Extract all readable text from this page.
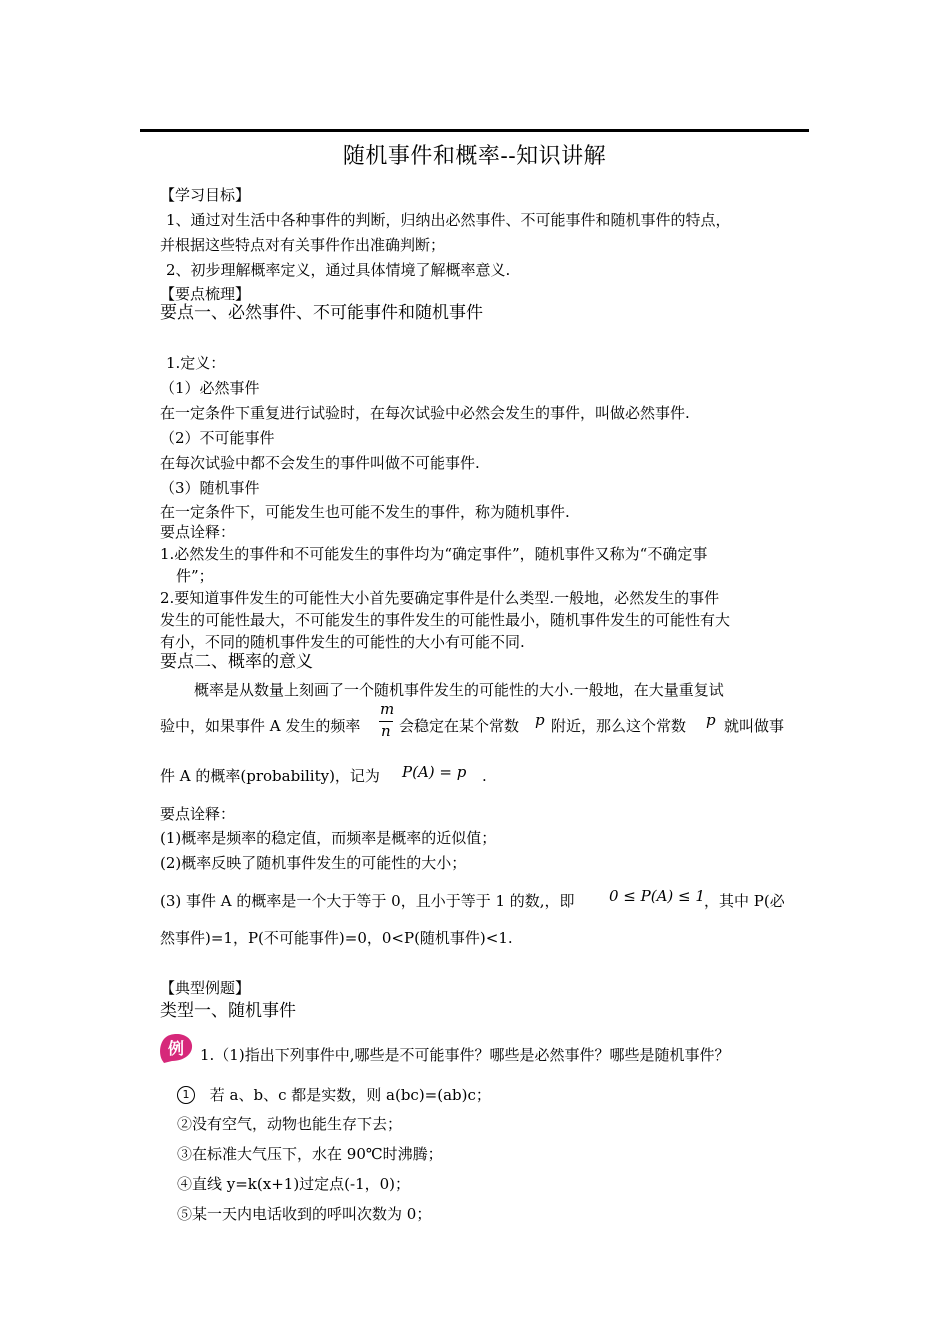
随机事件和概率--知识讲解
【学习目标】
1、通过对生活中各种事件的判断，归纳出必然事件、不可能事件和随机事件的特点，
并根据这些特点对有关事件作出准确判断；
2、初步理解概率定义，通过具体情境了解概率意义.
【要点梳理】
要点一、必然事件、不可能事件和随机事件
1.定义：
（1）必然事件
在一定条件下重复进行试验时，在每次试验中必然会发生的事件，叫做必然事件.
（2）不可能事件
在每次试验中都不会发生的事件叫做不可能事件.
（3）随机事件
在一定条件下，可能发生也可能不发生的事件，称为随机事件.
要点诠释：
1.必然发生的事件和不可能发生的事件均为“确定事件”，随机事件又称为“不确定事
件”；
2.要知道事件发生的可能性大小首先要确定事件是什么类型.一般地，必然发生的事件
发生的可能性最大，不可能发生的事件发生的可能性最小，随机事件发生的可能性有大
有小，不同的随机事件发生的可能性的大小有可能不同.
要点二、概率的意义
概率是从数量上刻画了一个随机事件发生的可能性的大小.一般地，在大量重复试
验中，如果事件 A 发生的频率
m
n 会稳定在某个常数 p 附近，那么这个常数 p 就叫做事
件 A 的概率(probability)，记为 P(A) = p .
要点诠释：
(1)概率是频率的稳定值，而频率是概率的近似值；
(2)概率反映了随机事件发生的可能性的大小；
(3) 事件 A 的概率是一个大于等于 0，且小于等于 1 的数,，即 0 ≤ P(A) ≤ 1 ，其中 P(必
然事件)=1，P(不可能事件)=0，0<P(随机事件)<1.
【典型例题】
类型一、随机事件
例 1.（1)指出下列事件中,哪些是不可能事件？哪些是必然事件？哪些是随机事件？
1 若 a、b、c 都是实数，则 a(bc)=(ab)c；
②没有空气，动物也能生存下去；
③在标准大气压下，水在 90℃时沸腾；
④直线 y=k(x+1)过定点(-1，0)；
⑤某一天内电话收到的呼叫次数为 0；
